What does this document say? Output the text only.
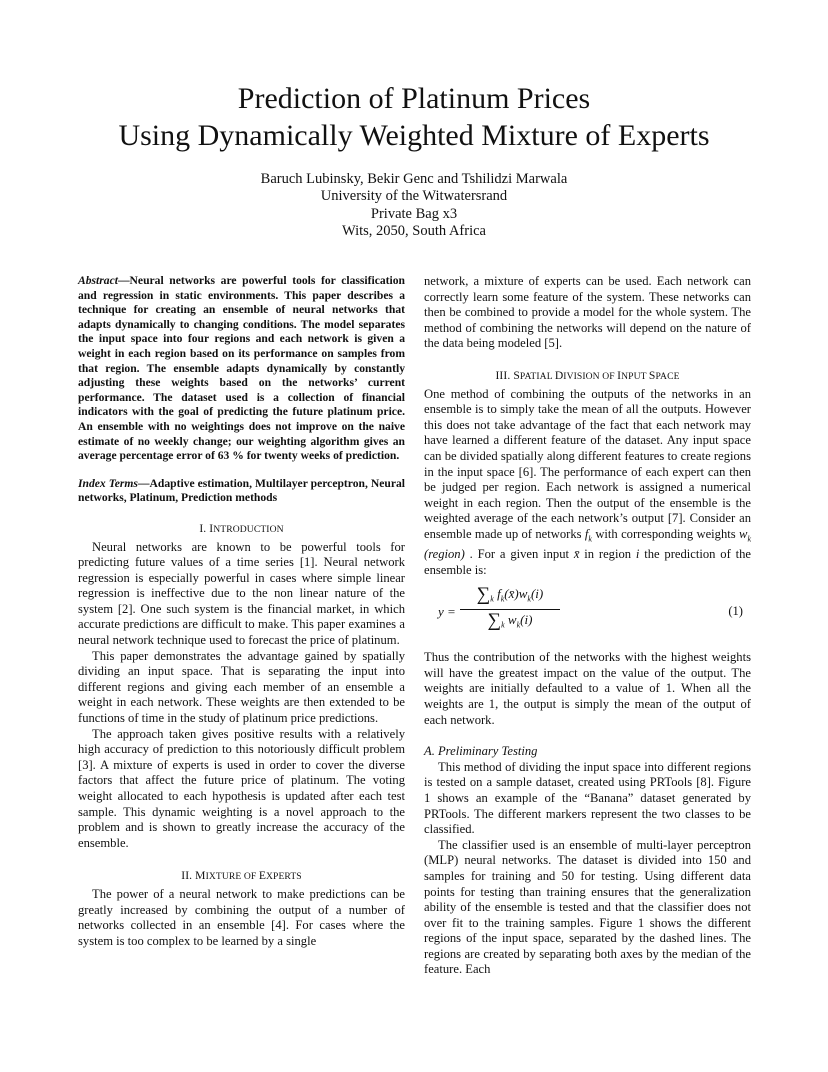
Prediction of Platinum Prices
Using Dynamically Weighted Mixture of Experts
Baruch Lubinsky, Bekir Genc and Tshilidzi Marwala
University of the Witwatersrand
Private Bag x3
Wits, 2050, South Africa

Abstract—Neural networks are powerful tools for classification and regression in static environments. This paper describes a technique for creating an ensemble of neural networks that adapts dynamically to changing conditions. The model separates the input space into four regions and each network is given a weight in each region based on its performance on samples from that region. The ensemble adapts dynamically by constantly adjusting these weights based on the networks’ current performance. The dataset used is a collection of financial indicators with the goal of predicting the future platinum price. An ensemble with no weightings does not improve on the naive estimate of no weekly change; our weighting algorithm gives an average percentage error of 63 % for twenty weeks of prediction.

Index Terms—Adaptive estimation, Multilayer perceptron, Neural networks, Platinum, Prediction methods

I. INTRODUCTION

Neural networks are known to be powerful tools for predicting future values of a time series [1]. Neural network regression is especially powerful in cases where simple linear regression is ineffective due to the non linear nature of the system [2]. One such system is the financial market, in which accurate predictions are difficult to make. This paper examines a neural network technique used to forecast the price of platinum.

This paper demonstrates the advantage gained by spatially dividing an input space. That is separating the input into different regions and giving each member of an ensemble a weight in each network. These weights are then extended to be functions of time in the study of platinum price predictions.

The approach taken gives positive results with a relatively high accuracy of prediction to this notoriously difficult problem [3]. A mixture of experts is used in order to cover the diverse factors that affect the future price of platinum. The voting weight allocated to each hypothesis is updated after each test sample. This dynamic weighting is a novel approach to the problem and is shown to greatly increase the accuracy of the ensemble.

II. MIXTURE OF EXPERTS

The power of a neural network to make predictions can be greatly increased by combining the output of a number of networks collected in an ensemble [4]. For cases where the system is too complex to be learned by a single

network, a mixture of experts can be used. Each network can correctly learn some feature of the system. These networks can then be combined to provide a model for the whole system. The method of combining the networks will depend on the nature of the data being modeled [5].

III. SPATIAL DIVISION OF INPUT SPACE

One method of combining the outputs of the networks in an ensemble is to simply take the mean of all the outputs. However this does not take advantage of the fact that each network may have learned a different feature of the dataset. Any input space can be divided spatially along different features to create regions in the input space [6]. The performance of each expert can then be judged per region. Each network is assigned a numerical weight in each region. Then the output of the ensemble is the weighted average of the each network’s output [7]. Consider an ensemble made up of networks $f_k$ with corresponding weights $w_k$ (region) . For a given input x̄ in region i the prediction of the ensemble is:

$y = \frac{\sum_k f_k(x̄)w_k(i)}{\sum_k w_k(i)}$	(1)

Thus the contribution of the networks with the highest weights will have the greatest impact on the value of the output. The weights are initially defaulted to a value of 1. When all the weights are 1, the output is simply the mean of the output of each network.

A. Preliminary Testing

This method of dividing the input space into different regions is tested on a sample dataset, created using PRTools [8]. Figure 1 shows an example of the “Banana” dataset generated by PRTools. The different markers represent the two classes to be classified.

The classifier used is an ensemble of multi-layer perceptron (MLP) neural networks. The dataset is divided into 150 and samples for training and 50 for testing. Using different data points for testing than training ensures that the generalization ability of the ensemble is tested and that the classifier does not over fit to the training samples. Figure 1 shows the different regions of the input space, separated by the dashed lines. The regions are created by separating both axes by the median of the feature. Each
